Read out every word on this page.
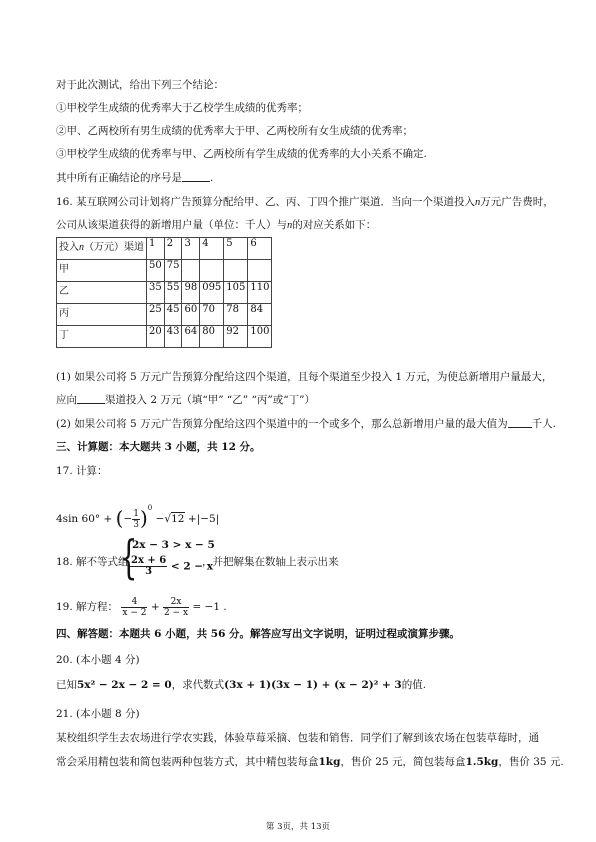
对于此次测试，给出下列三个结论：
①甲校学生成绩的优秀率大于乙校学生成绩的优秀率；
②甲、乙两校所有男生成绩的优秀率大于甲、乙两校所有女生成绩的优秀率；
③甲校学生成绩的优秀率与甲、乙两校所有学生成绩的优秀率的大小关系不确定.
其中所有正确结论的序号是	.
16. 某互联网公司计划将广告预算分配给甲、乙、丙、丁四个推广渠道．当向一个渠道投入n万元广告费时，
公司从该渠道获得的新增用户量（单位：千人）与n的对应关系如下：
投入n（万元）渠道	1	2	3	4	5	6
甲	50	75				
乙	35	55	98	095	105	110
丙	25	45	60	70	78	84
丁	20	43	64	80	92	100
(1) 如果公司将 5 万元广告预算分配给这四个渠道，且每个渠道至少投入 1 万元，为使总新增用户量最大，
应向	渠道投入 2 万元（填“甲” “乙” “丙”或“丁”）
(2) 如果公司将 5 万元广告预算分配给这四个渠道中的一个或多个，那么总新增用户量的最大值为 千人.
三、计算题：本大题共 3 小题，共 12 分。
17. 计算：
4sin 60° + (− $\frac{1}{3} )^0 -√12 +|-5|$
18. 解不等式组
{
2x − 3 > x − 5
$\frac{2x + 6}{3} < 2 - x$
，并把解集在数轴上表示出来
19. 解方程： $\frac{4}{x - 2} + \frac{2x}{2 - x} = -1$ .
四、解答题：本题共 6 小题，共 56 分。解答应写出文字说明，证明过程或演算步骤。
20. (本小题 4 分)
已知5x² − 2x − 2 = 0，求代数式(3x + 1)(3x − 1) + (x − 2)² + 3的值.
21. (本小题 8 分)
某校组织学生去农场进行学农实践，体验草莓采摘、包装和销售．同学们了解到该农场在包装草莓时，通
常会采用精包装和简包装两种包装方式，其中精包装每盒1kg，售价 25 元，简包装每盒1.5kg，售价 35 元.
第 3页，共 13页
